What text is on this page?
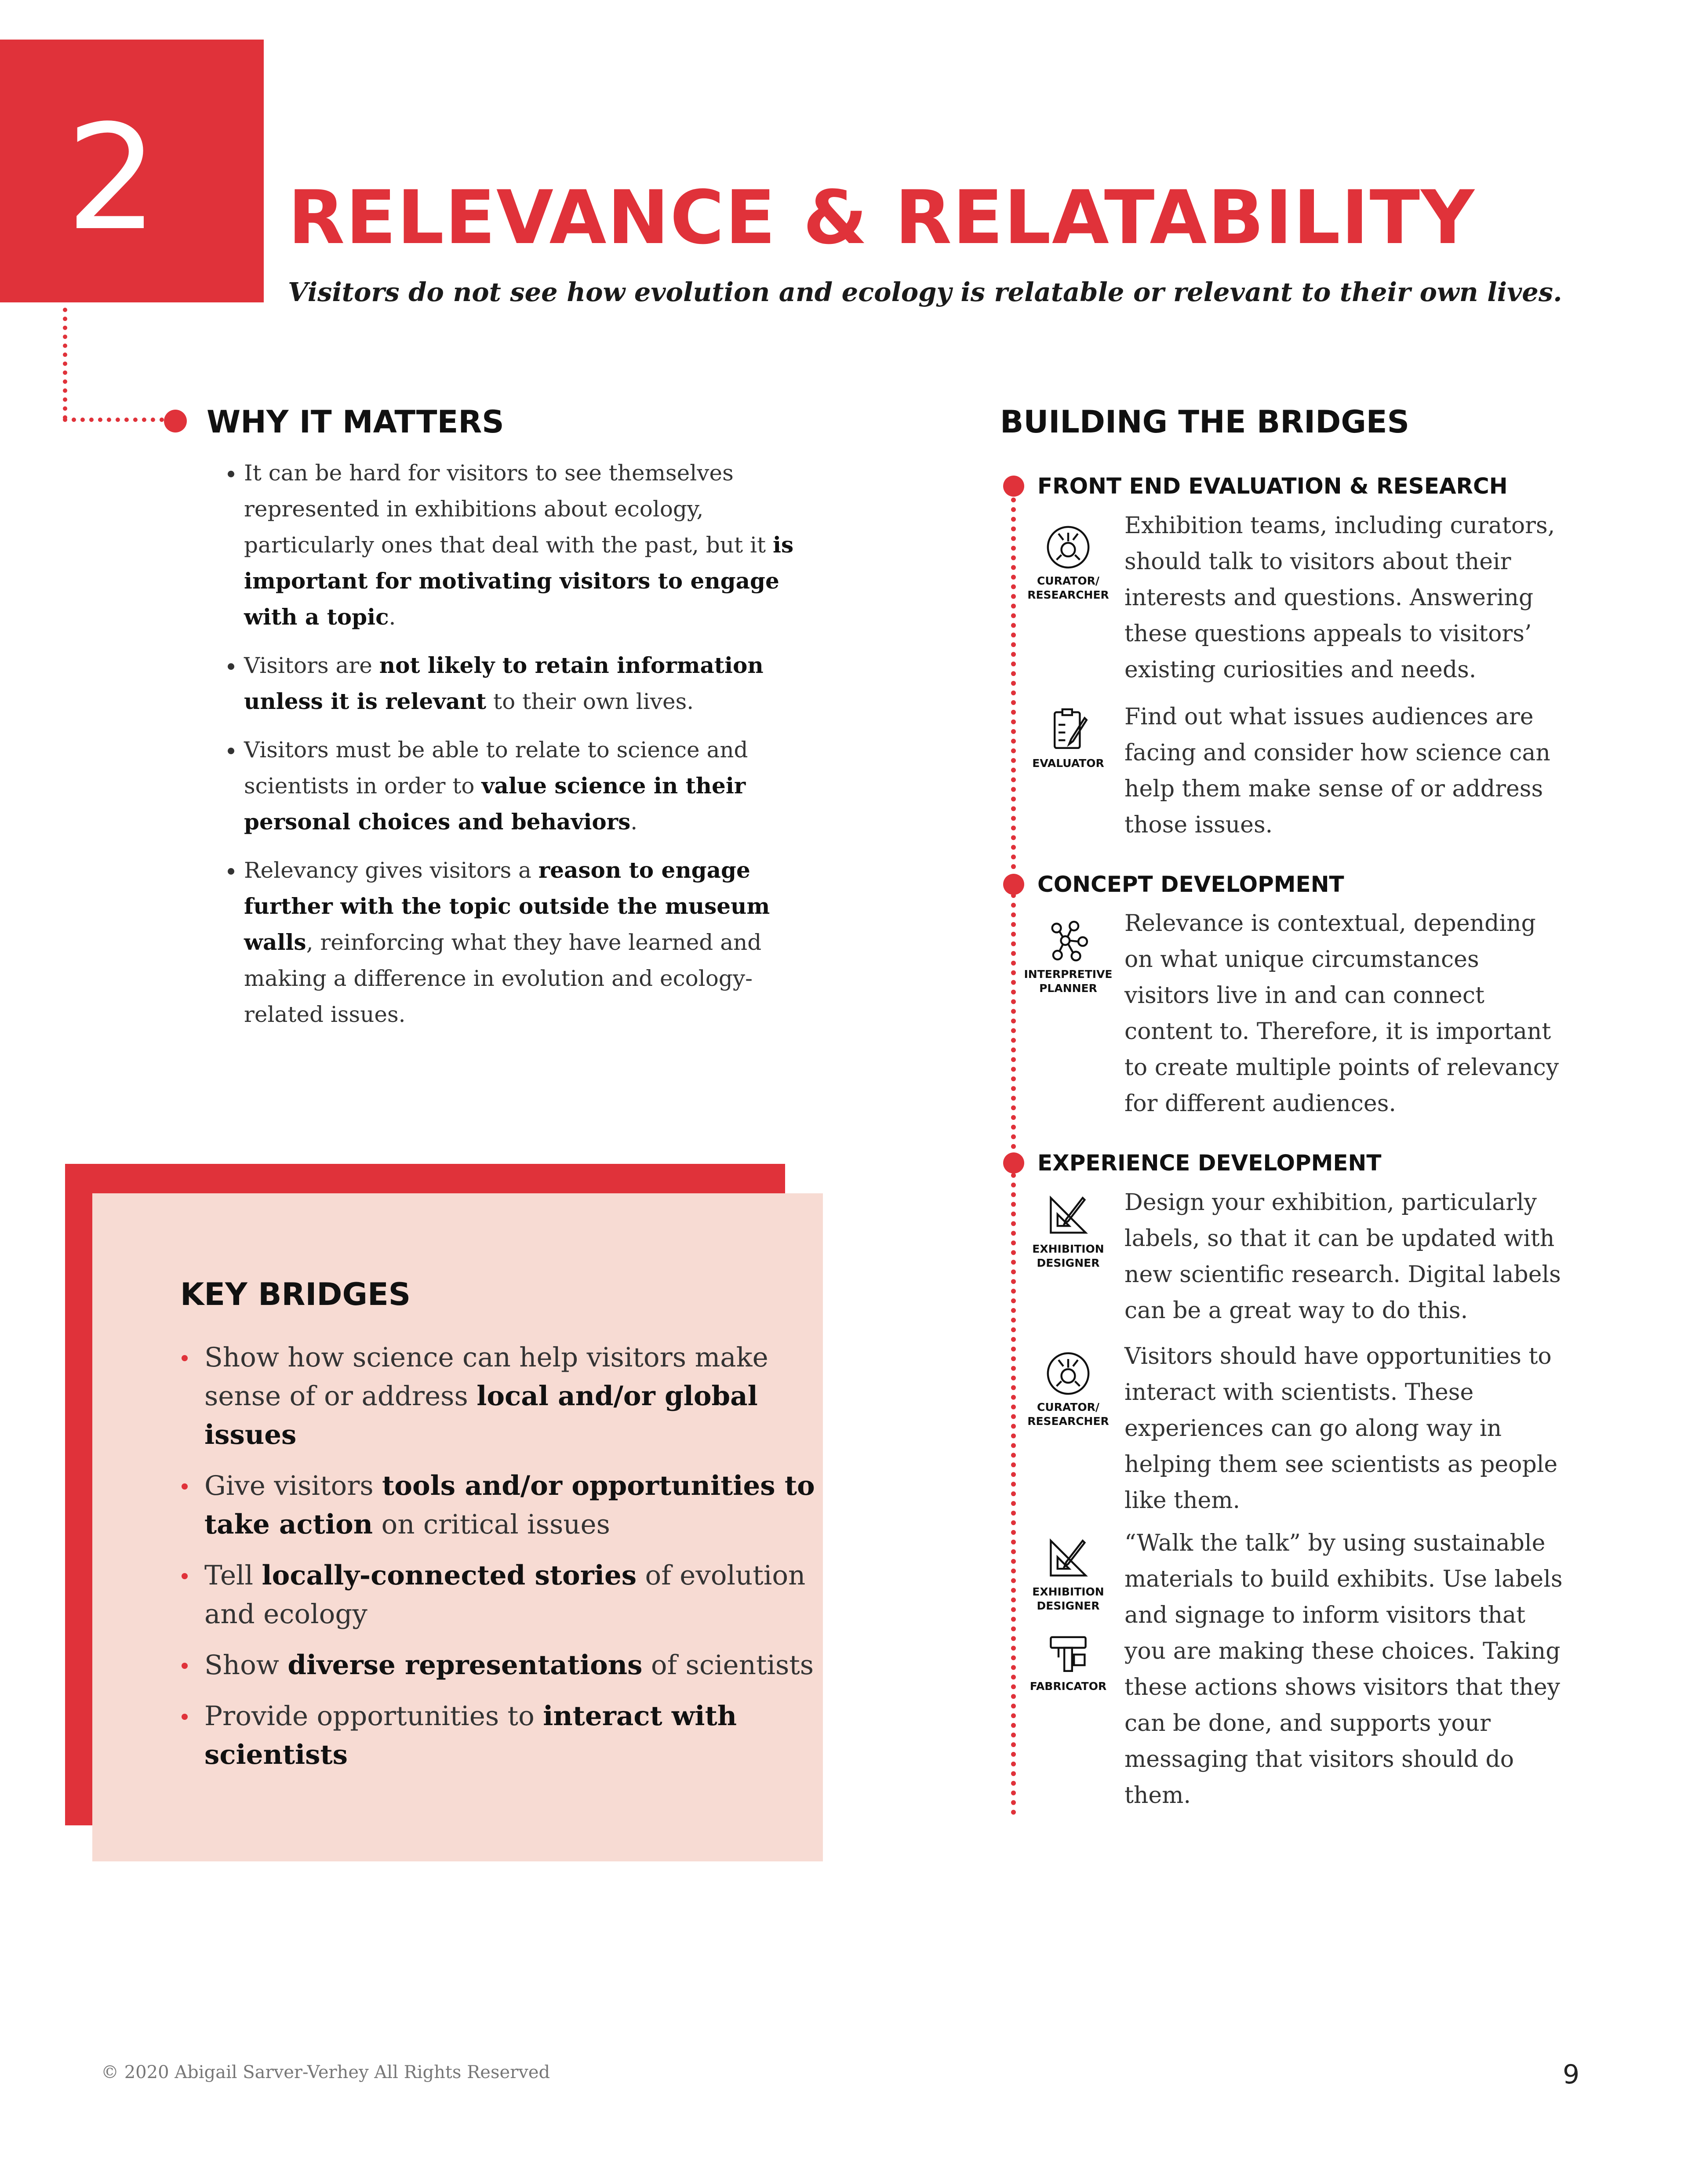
2 RELEVANCE & RELATABILITY
Visitors do not see how evolution and ecology is relatable or relevant to their own lives.
WHY IT MATTERS
• It can be hard for visitors to see themselves represented in exhibitions about ecology, particularly ones that deal with the past, but it is important for motivating visitors to engage with a topic.
• Visitors are not likely to retain information unless it is relevant to their own lives.
• Visitors must be able to relate to science and scientists in order to value science in their personal choices and behaviors.
• Relevancy gives visitors a reason to engage further with the topic outside the museum walls, reinforcing what they have learned and making a difference in evolution and ecology-related issues.
KEY BRIDGES
Show how science can help visitors make sense of or address local and/or global issues
Give visitors tools and/or opportunities to take action on critical issues
Tell locally-connected stories of evolution and ecology
Show diverse representations of scientists
Provide opportunities to interact with scientists
BUILDING THE BRIDGES
FRONT END EVALUATION & RESEARCH
CURATOR/
RESEARCHER
Exhibition teams, including curators, should talk to visitors about their interests and questions. Answering these questions appeals to visitors’ existing curiosities and needs.
EVALUATOR
Find out what issues audiences are facing and consider how science can help them make sense of or address those issues.
CONCEPT DEVELOPMENT
INTERPRETIVE
PLANNER
Relevance is contextual, depending on what unique circumstances visitors live in and can connect content to. Therefore, it is important to create multiple points of relevancy for different audiences.
EXPERIENCE DEVELOPMENT
EXHIBITION
DESIGNER
Design your exhibition, particularly labels, so that it can be updated with new scientific research. Digital labels can be a great way to do this.
CURATOR/
RESEARCHER
Visitors should have opportunities to interact with scientists. These experiences can go along way in helping them see scientists as people like them.
EXHIBITION
DESIGNER
FABRICATOR
“Walk the talk” by using sustainable materials to build exhibits. Use labels and signage to inform visitors that you are making these choices. Taking these actions shows visitors that they can be done, and supports your messaging that visitors should do them.
© 2020 Abigail Sarver-Verhey All Rights Reserved	9
